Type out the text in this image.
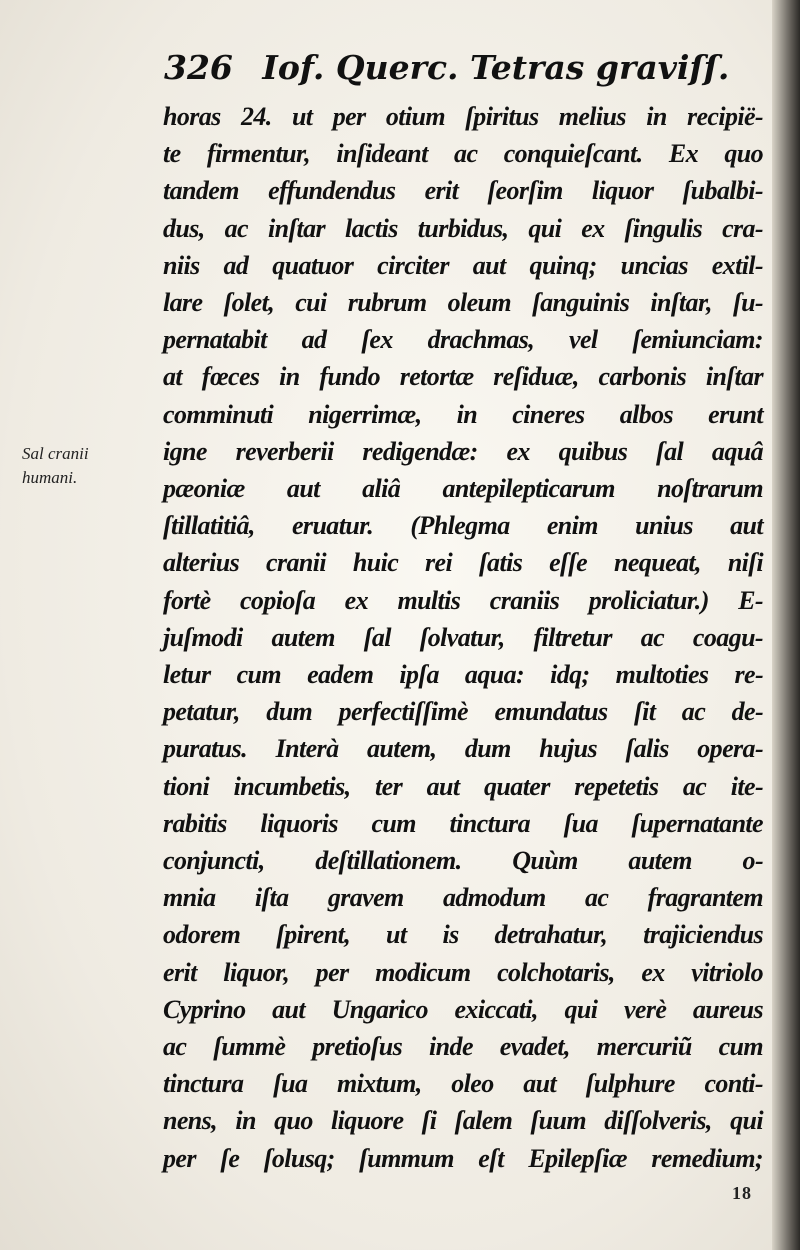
326 Iof. Querc. Tetras graviſſ.
Sal cranii
humani.
horas 24. ut per otium ſpiritus melius in recipië-
te firmentur, inſideant ac conquieſcant. Ex quo
tandem effundendus erit ſeorſim liquor ſubalbi-
dus, ac inſtar lactis turbidus, qui ex ſingulis cra-
niis ad quatuor circiter aut quinq; uncias extil-
lare ſolet, cui rubrum oleum ſanguinis inſtar, ſu-
pernatabit ad ſex drachmas, vel ſemiunciam:
at fœces in fundo retortæ reſiduæ, carbonis inſtar
comminuti nigerrimæ, in cineres albos erunt
igne reverberii redigendæ: ex quibus ſal aquâ
pæoniæ aut aliâ antepilepticarum noſtrarum
ſtillatitiâ, eruatur. (Phlegma enim unius aut
alterius cranii huic rei ſatis eſſe nequeat, niſi
fortè copioſa ex multis craniis proliciatur.) E-
juſmodi autem ſal ſolvatur, filtretur ac coagu-
letur cum eadem ipſa aqua: idq; multoties re-
petatur, dum perfectiſſimè emundatus ſit ac de-
puratus. Interà autem, dum hujus ſalis opera-
tioni incumbetis, ter aut quater repetetis ac ite-
rabitis liquoris cum tinctura ſua ſupernatante
conjuncti, deſtillationem. Quùm autem o-
mnia iſta gravem admodum ac fragrantem
odorem ſpirent, ut is detrahatur, trajiciendus
erit liquor, per modicum colchotaris, ex vitriolo
Cyprino aut Ungarico exiccati, qui verè aureus
ac ſummè pretioſus inde evadet, mercuriũ cum
tinctura ſua mixtum, oleo aut ſulphure conti-
nens, in quo liquore ſi ſalem ſuum diſſolveris, qui
per ſe ſolusq; ſummum eſt Epilepſiæ remedium;
18
